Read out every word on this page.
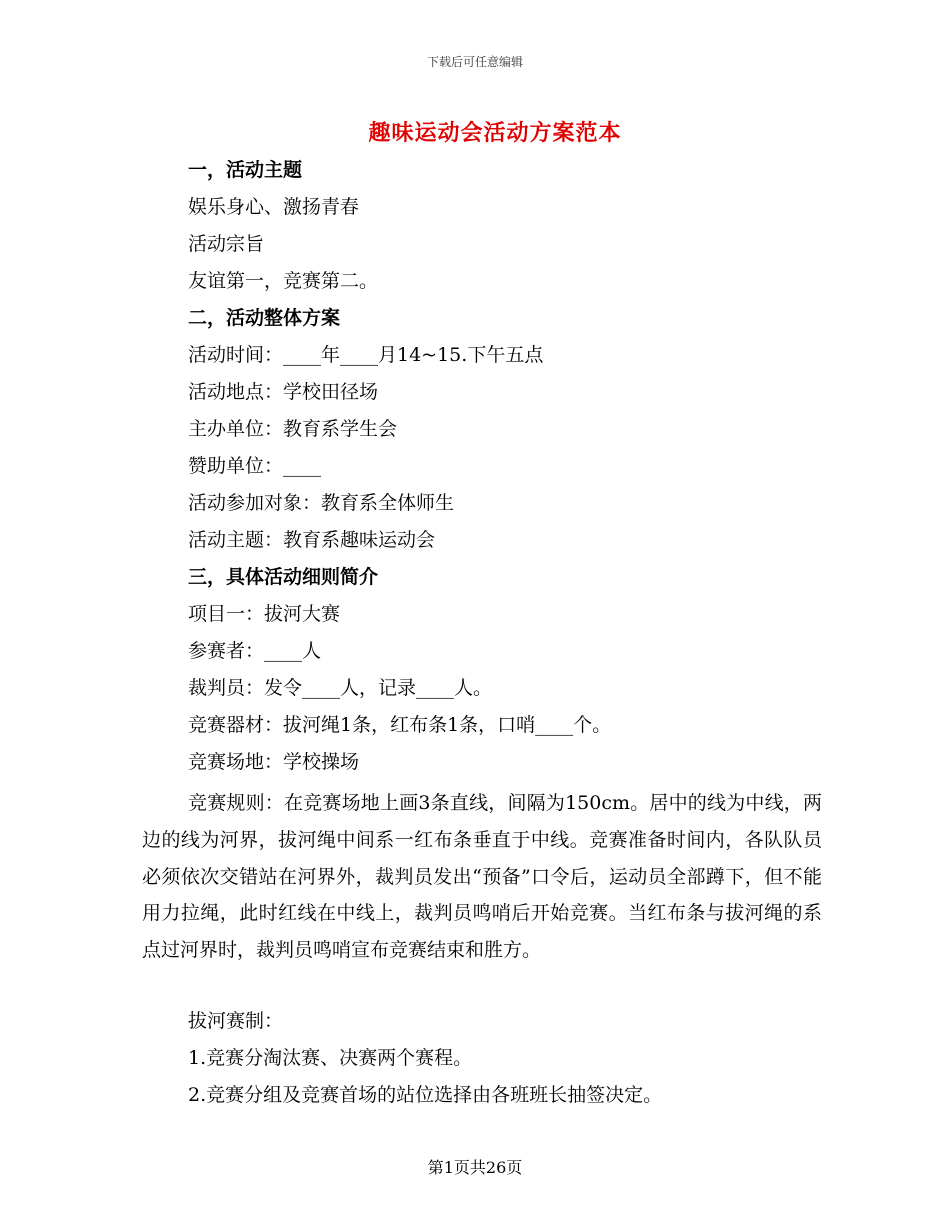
下载后可任意编辑
趣味运动会活动方案范本
一，活动主题
娱乐身心、激扬青春
活动宗旨
友谊第一，竞赛第二。
二，活动整体方案
活动时间：____年____月14~15.下午五点
活动地点：学校田径场
主办单位：教育系学生会
赞助单位：____
活动参加对象：教育系全体师生
活动主题：教育系趣味运动会
三，具体活动细则简介
项目一：拔河大赛
参赛者：____人
裁判员：发令____人，记录____人。
竞赛器材：拔河绳1条，红布条1条，口哨____个。
竞赛场地：学校操场
拔河赛制：
1.竞赛分淘汰赛、决赛两个赛程。
2.竞赛分组及竞赛首场的站位选择由各班班长抽签决定。
竞赛规则：在竞赛场地上画3条直线，间隔为150cm。居中的线为中线，两边的线为河界，拔河绳中间系一红布条垂直于中线。竞赛准备时间内，各队队员必须依次交错站在河界外，裁判员发出“预备”口令后，运动员全部蹲下，但不能用力拉绳，此时红线在中线上，裁判员鸣哨后开始竞赛。当红布条与拔河绳的系点过河界时，裁判员鸣哨宣布竞赛结束和胜方。
第1页共26页
